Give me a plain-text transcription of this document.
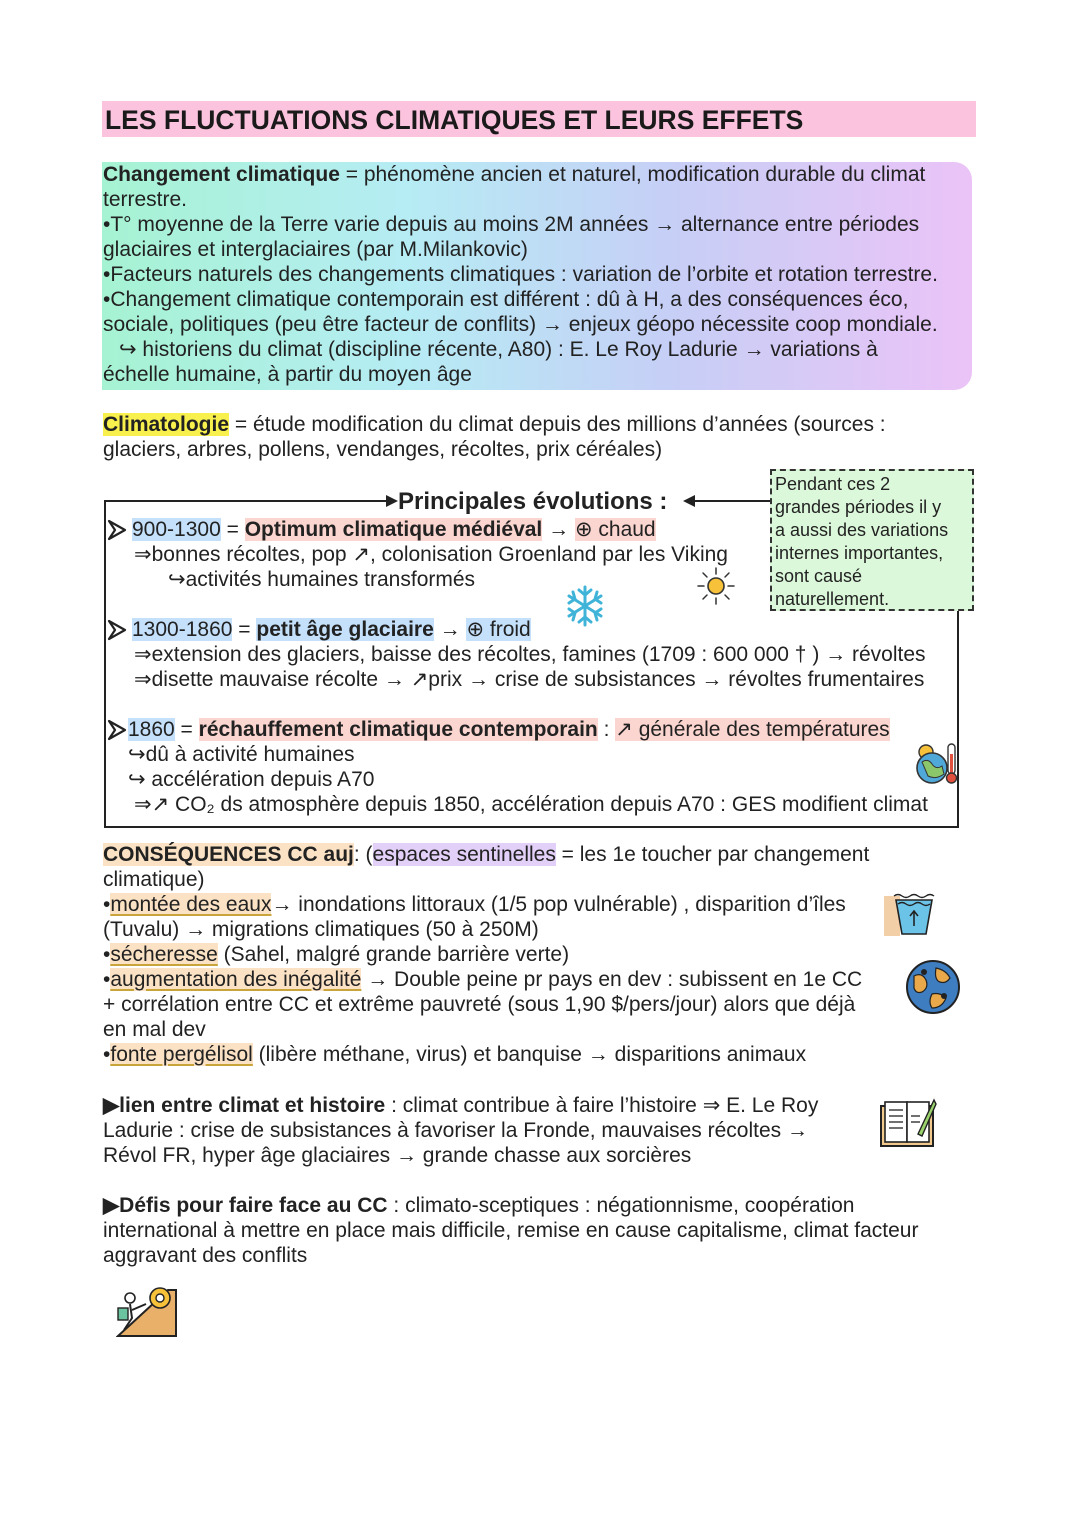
LES FLUCTUATIONS CLIMATIQUES ET LEURS EFFETS
Changement climatique = phénomène ancien et naturel, modification durable du climat
terrestre.
•T° moyenne de la Terre varie depuis au moins 2M années → alternance entre périodes
glaciaires et interglaciaires (par M.Milankovic)
•Facteurs naturels des changements climatiques : variation de l’orbite et rotation terrestre.
•Changement climatique contemporain est différent : dû à H, a des conséquences éco,
sociale, politiques (peu être facteur de conflits) → enjeux géopo nécessite coop mondiale.
↪ historiens du climat (discipline récente, A80) : E. Le Roy Ladurie → variations à
échelle humaine, à partir du moyen âge
Climatologie = étude modification du climat depuis des millions d’années (sources :
glaciers, arbres, pollens, vendanges, récoltes, prix céréales)
Principales évolutions :
Pendant ces 2
grandes périodes il y
a aussi des variations
internes importantes,
sont causé
naturellement.
900-1300 = Optimum climatique médiéval → ⊕ chaud
⇒bonnes récoltes, pop ↗, colonisation Groenland par les Viking
↪activités humaines transformés
1300-1860 = petit âge glaciaire → ⊕ froid
⇒extension des glaciers, baisse des récoltes, famines (1709 : 600 000 † ) → révoltes
⇒disette mauvaise récolte → ↗prix → crise de subsistances → révoltes frumentaires
1860 = réchauffement climatique contemporain : ↗ générale des températures
↪dû à activité humaines
↪ accélération depuis A70
⇒↗ CO₂ ds atmosphère depuis 1850, accélération depuis A70 : GES modifient climat
CONSÉQUENCES CC auj: (espaces sentinelles = les 1e toucher par changement
climatique)
•montée des eaux→ inondations littoraux (1/5 pop vulnérable) , disparition d’îles
(Tuvalu) → migrations climatiques (50 à 250M)
•sécheresse (Sahel, malgré grande barrière verte)
•augmentation des inégalité → Double peine pr pays en dev : subissent en 1e CC
+ corrélation entre CC et extrême pauvreté (sous 1,90 $/pers/jour) alors que déjà
en mal dev
•fonte pergélisol (libère méthane, virus) et banquise → disparitions animaux
▶lien entre climat et histoire : climat contribue à faire l’histoire ⇒ E. Le Roy
Ladurie : crise de subsistances à favoriser la Fronde, mauvaises récoltes →
Révol FR, hyper âge glaciaires → grande chasse aux sorcières
▶Défis pour faire face au CC : climato-sceptiques : négationnisme, coopération
international à mettre en place mais difficile, remise en cause capitalisme, climat facteur
aggravant des conflits
